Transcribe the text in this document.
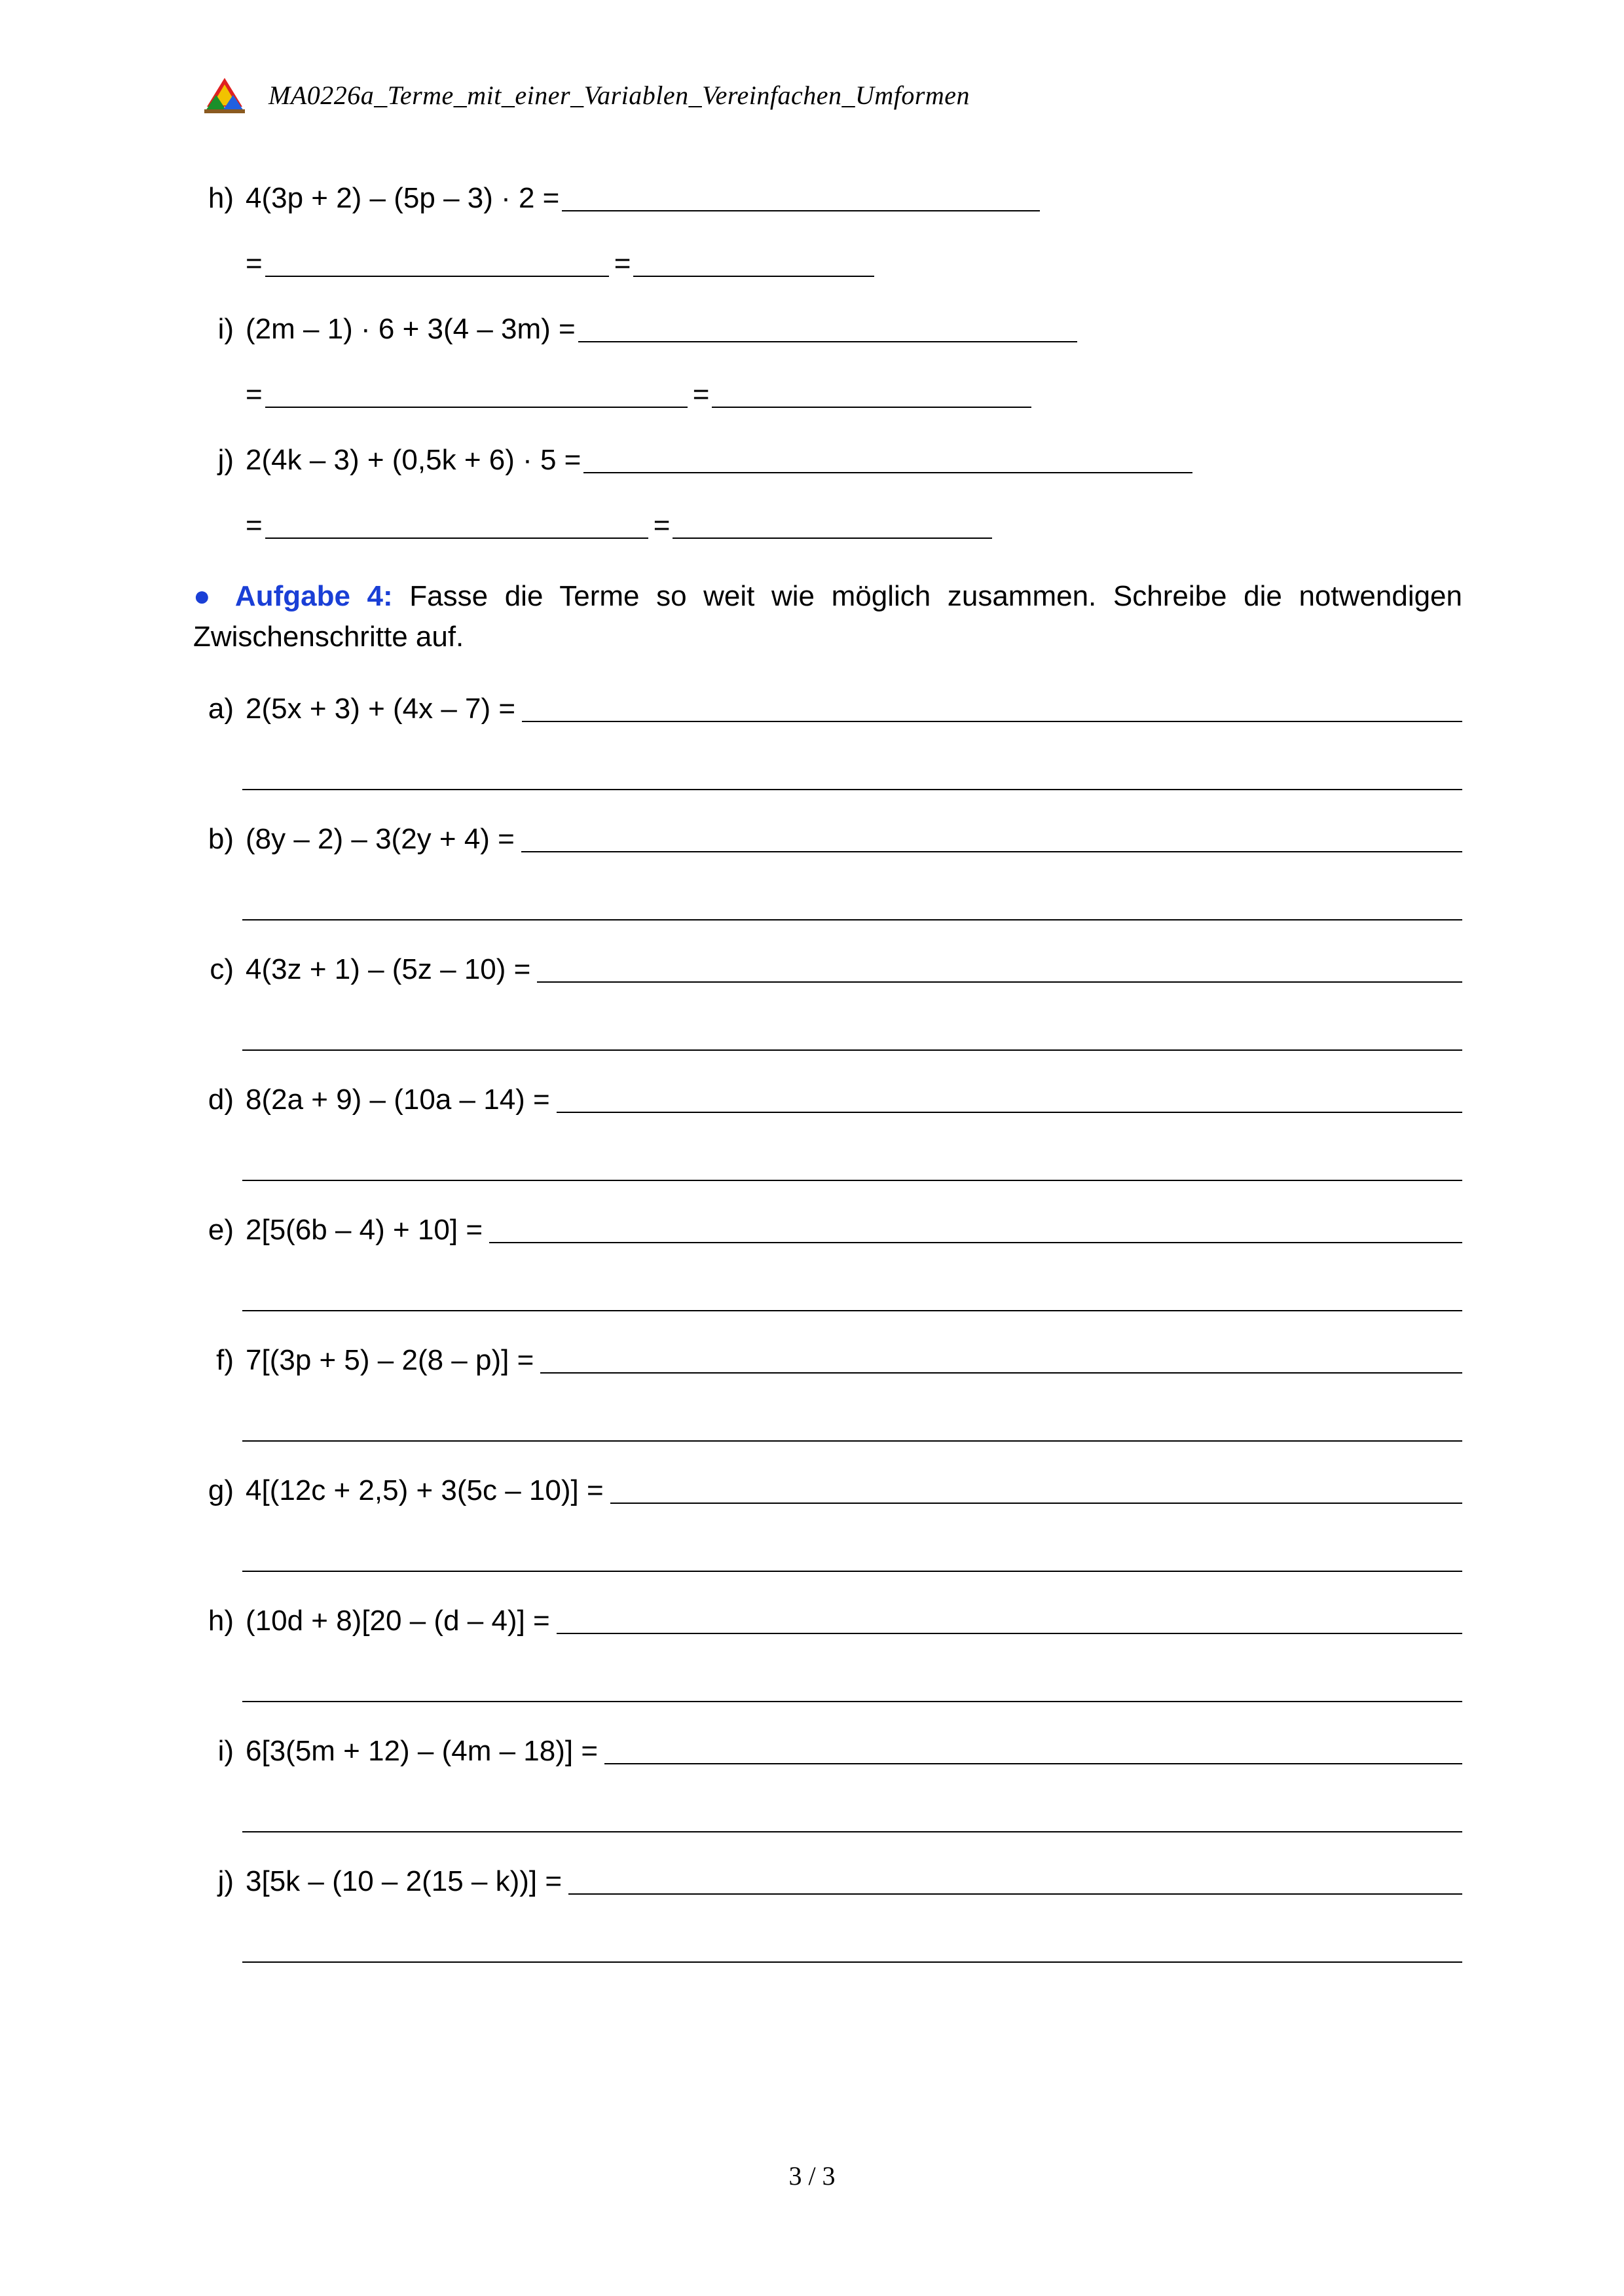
MA0226a_Terme_mit_einer_Variablen_Vereinfachen_Umformen
h) 4(3p + 2) – (5p – 3) · 2 =
=	=
i) (2m – 1) · 6 + 3(4 – 3m) =
=	=
j) 2(4k – 3) + (0,5k + 6) · 5 =
=	=
● Aufgabe 4: Fasse die Terme so weit wie möglich zusammen. Schreibe die notwendigen Zwischenschritte auf.
a) 2(5x + 3) + (4x – 7) =
b) (8y – 2) – 3(2y + 4) =
c) 4(3z + 1) – (5z – 10) =
d) 8(2a + 9) – (10a – 14) =
e) 2[5(6b – 4) + 10] =
f) 7[(3p + 5) – 2(8 – p)] =
g) 4[(12c + 2,5) + 3(5c – 10)] =
h) (10d + 8)[20 – (d – 4)] =
i) 6[3(5m + 12) – (4m – 18)] =
j) 3[5k – (10 – 2(15 – k))] =
3 / 3
